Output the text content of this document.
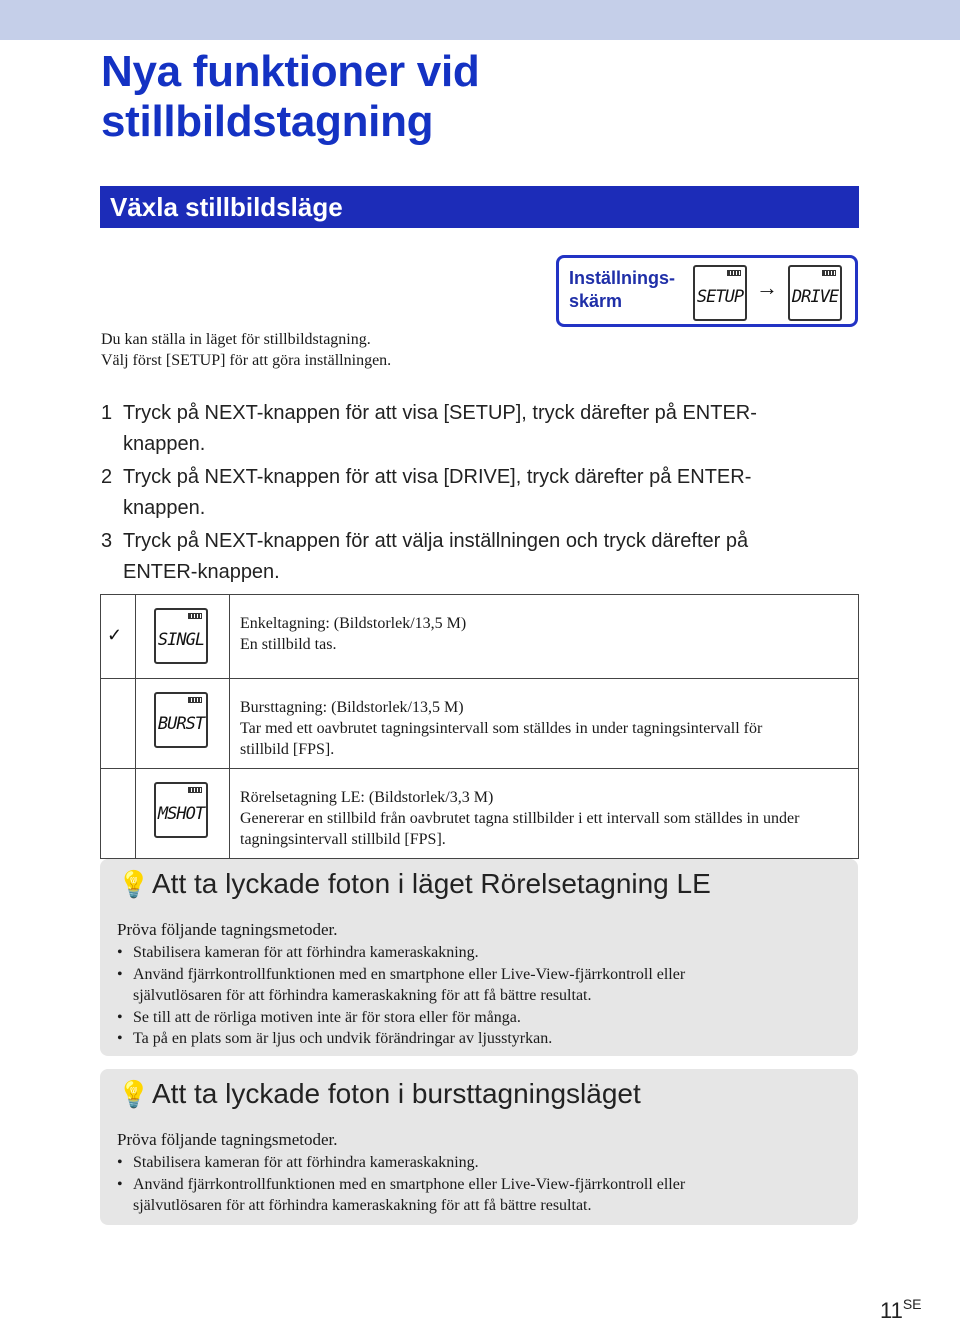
Nya funktioner vid
stillbildstagning
Växla stillbildsläge
Inställnings-
skärm	SETUP → DRIVE
Du kan ställa in läget för stillbildstagning.
Välj först [SETUP] för att göra inställningen.
1 Tryck på NEXT-knappen för att visa [SETUP], tryck därefter på ENTER-
knappen.
2 Tryck på NEXT-knappen för att visa [DRIVE], tryck därefter på ENTER-
knappen.
3 Tryck på NEXT-knappen för att välja inställningen och tryck därefter på
ENTER-knappen.
✓	SINGL	Enkeltagning: (Bildstorlek/13,5 M)
En stillbild tas.

	BURST	Bursttagning: (Bildstorlek/13,5 M)
Tar med ett oavbrutet tagningsintervall som ställdes in under tagningsintervall för
stillbild [FPS].

	MSHOT	Rörelsetagning LE: (Bildstorlek/3,3 M)
Genererar en stillbild från oavbrutet tagna stillbilder i ett intervall som ställdes in under
tagningsintervall stillbild [FPS].
💡Att ta lyckade foton i läget Rörelsetagning LE
Pröva följande tagningsmetoder.
• Stabilisera kameran för att förhindra kameraskakning.
• Använd fjärrkontrollfunktionen med en smartphone eller Live-View-fjärrkontroll eller
självutlösaren för att förhindra kameraskakning för att få bättre resultat.
• Se till att de rörliga motiven inte är för stora eller för många.
• Ta på en plats som är ljus och undvik förändringar av ljusstyrkan.
💡Att ta lyckade foton i bursttagningsläget
Pröva följande tagningsmetoder.
• Stabilisera kameran för att förhindra kameraskakning.
• Använd fjärrkontrollfunktionen med en smartphone eller Live-View-fjärrkontroll eller
självutlösaren för att förhindra kameraskakning för att få bättre resultat.
$11^{SE}$
